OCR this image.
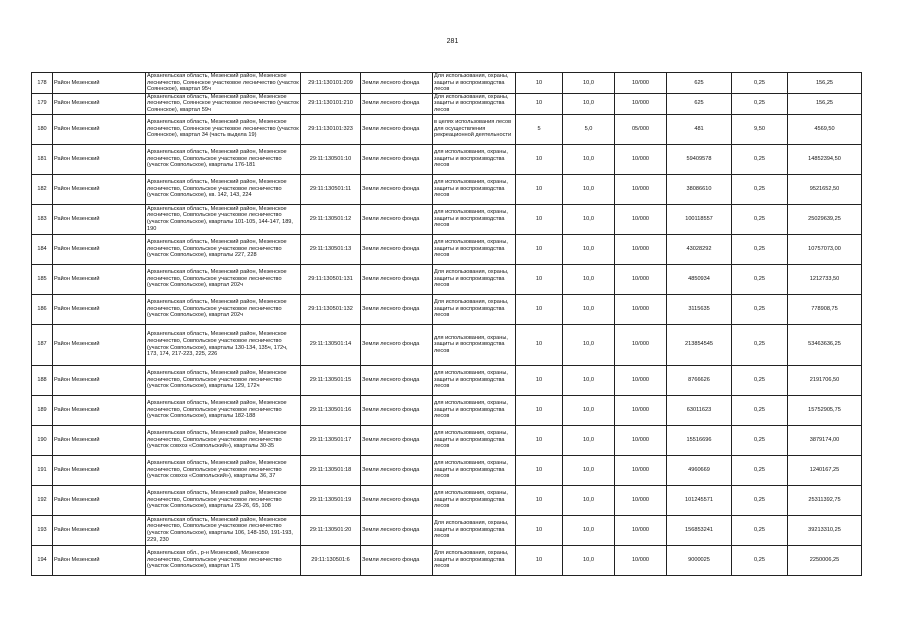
281
178	Район Мезенский	Архангельская область, Мезенский район, Мезенское лесничество, Сояннское участковое лесничество (участок Сояннское), квартал 95ч	29:11:130101:209	Земли лесного фонда	Для использования, охраны, защиты и воспроизводства лесов	10	10,0	10/000	625	0,25	156,25
179	Район Мезенский	Архангельская область, Мезенский район, Мезенское лесничество, Сояннское участковое лесничество (участок Сояннское), квартал 59ч	29:11:130101:210	Земли лесного фонда	Для использования, охраны, защиты и воспроизводства лесов	10	10,0	10/000	625	0,25	156,25
180	Район Мезенский	Архангельская область, Мезенский район, Мезенское лесничество, Сояннское участковое лесничество (участок Сояннское), квартал 34 (часть выдела 19)	29:11:130101:323	Земли лесного фонда	в целях использования лесов для осуществления рекреационной деятельности	5	5,0	05/000	481	9,50	4569,50
181	Район Мезенский	Архангельская область, Мезенский район, Мезенское лесничество, Совпольское участковое лесничество (участок Совпольское), кварталы 176-181	29:11:130501:10	Земли лесного фонда	для использования, охраны, защиты и воспроизводства лесов	10	10,0	10/000	59409578	0,25	14852394,50
182	Район Мезенский	Архангельская область, Мезенский район, Мезенское лесничество, Совпольское участковое лесничество (участок Совпольское), кв. 142, 143, 224	29:11:130501:11	Земли лесного фонда	для использования, охраны, защиты и воспроизводства лесов	10	10,0	10/000	38086610	0,25	9521652,50
183	Район Мезенский	Архангельская область, Мезенский район, Мезенское лесничество, Совпольское участковое лесничество (участок Совпольское), кварталы 101-105, 144-147, 189, 190	29:11:130501:12	Земли лесного фонда	для использования, охраны, защиты и воспроизводства лесов	10	10,0	10/000	100118557	0,25	25029639,25
184	Район Мезенский	Архангельская область, Мезенский район, Мезенское лесничество, Совпольское участковое лесничество (участок Совпольское), кварталы 227, 228	29:11:130501:13	Земли лесного фонда	для использования, охраны, защиты и воспроизводства лесов	10	10,0	10/000	43028292	0,25	10757073,00
185	Район Мезенский	Архангельская область, Мезенский район, Мезенское лесничество, Совпольское участковое лесничество (участок Совпольское), квартал 202ч	29:11:130501:131	Земли лесного фонда	Для использования, охраны, защиты и воспроизводства лесов	10	10,0	10/000	4850934	0,25	1212733,50
186	Район Мезенский	Архангельская область, Мезенский район, Мезенское лесничество, Совпольское участковое лесничество (участок Совпольское), квартал 202ч	29:11:130501:132	Земли лесного фонда	Для использования, охраны, защиты и воспроизводства лесов	10	10,0	10/000	3115635	0,25	778908,75
187	Район Мезенский	Архангельская область, Мезенский район, Мезенское лесничество, Совпольское участковое лесничество (участок Совпольское), кварталы 130-134, 135ч, 172ч, 173, 174, 217-223, 225, 226	29:11:130501:14	Земли лесного фонда	для использования, охраны, защиты и воспроизводства лесов	10	10,0	10/000	213854545	0,25	53463636,25
188	Район Мезенский	Архангельская область, Мезенский район, Мезенское лесничество, Совпольское участковое лесничество (участок Совпольское), кварталы 129, 172ч	29:11:130501:15	Земли лесного фонда	для использования, охраны, защиты и воспроизводства лесов	10	10,0	10/000	8766626	0,25	2191706,50
189	Район Мезенский	Архангельская область, Мезенский район, Мезенское лесничество, Совпольское участковое лесничество (участок Совпольское), кварталы 182-188	29:11:130501:16	Земли лесного фонда	для использования, охраны, защиты и воспроизводства лесов	10	10,0	10/000	63011623	0,25	15752905,75
190	Район Мезенский	Архангельская область, Мезенский район, Мезенское лесничество, Совпольское участковое лесничество (участок совхоз «Совпольский»), кварталы 30-35	29:11:130501:17	Земли лесного фонда	для использования, охраны, защиты и воспроизводства лесов	10	10,0	10/000	15516696	0,25	3879174,00
191	Район Мезенский	Архангельская область, Мезенский район, Мезенское лесничество, Совпольское участковое лесничество (участок совхоз «Совпольский»), кварталы 36, 37	29:11:130501:18	Земли лесного фонда	для использования, охраны, защиты и воспроизводства лесов	10	10,0	10/000	4960669	0,25	1240167,25
192	Район Мезенский	Архангельская область, Мезенский район, Мезенское лесничество, Совпольское участковое лесничество (участок Совпольское), кварталы 23-26, 65, 108	29:11:130501:19	Земли лесного фонда	для использования, охраны, защиты и воспроизводства лесов	10	10,0	10/000	101245571	0,25	25311392,75
193	Район Мезенский	Архангельская область, Мезенский район, Мезенское лесничество, Совпольское участковое лесничество (участок Совпольское), кварталы 106, 148-150, 191-193, 229, 230	29:11:130501:20	Земли лесного фонда	Для использования, охраны, защиты и воспроизводства лесов	10	10,0	10/000	156853241	0,25	39213310,25
194	Район Мезенский	Архангельская обл., р-н Мезенский, Мезенское лесничество, Совпольское участковое лесничество (участок Совпольское), квартал 175	29:11:130501:6	Земли лесного фонда	Для использования, охраны, защиты и воспроизводства лесов	10	10,0	10/000	9000025	0,25	2250006,25
